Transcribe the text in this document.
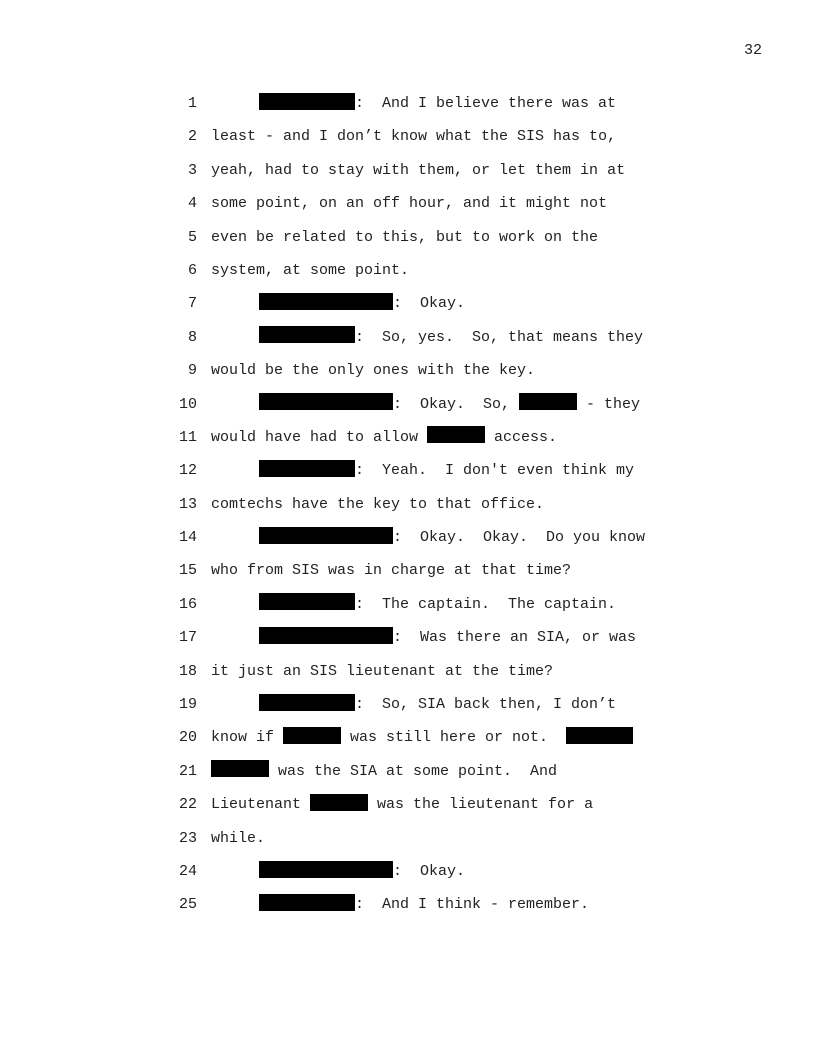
32
1	:  And I believe there was at
2 least - and I don’t know what the SIS has to,
3 yeah, had to stay with them, or let them in at
4 some point, on an off hour, and it might not
5 even be related to this, but to work on the
6 system, at some point.
7	:  Okay.
8	:  So, yes.  So, that means they
9 would be the only ones with the key.
10	:  Okay.  So,	- they
11 would have had to allow	access.
12	:  Yeah.  I don't even think my
13 comtechs have the key to that office.
14	:  Okay.  Okay.  Do you know
15 who from SIS was in charge at that time?
16	:  The captain.  The captain.
17	:  Was there an SIA, or was
18 it just an SIS lieutenant at the time?
19	:  So, SIA back then, I don’t
20 know if	was still here or not.
21	was the SIA at some point.  And
22 Lieutenant	was the lieutenant for a
23 while.
24	:  Okay.
25	:  And I think - remember.
